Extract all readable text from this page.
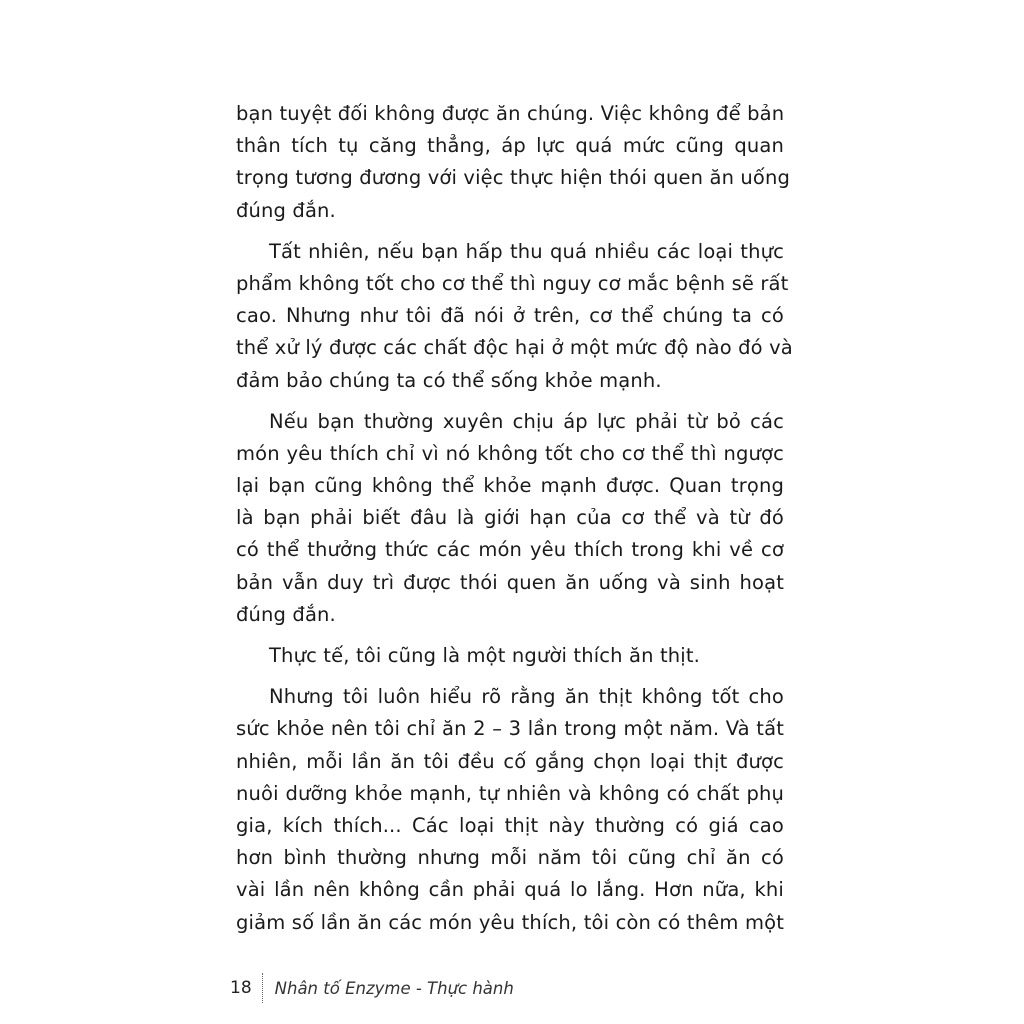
bạn tuyệt đối không được ăn chúng. Việc không để bản
thân tích tụ căng thẳng, áp lực quá mức cũng quan
trọng tương đương với việc thực hiện thói quen ăn uống
đúng đắn.

Tất nhiên, nếu bạn hấp thu quá nhiều các loại thực
phẩm không tốt cho cơ thể thì nguy cơ mắc bệnh sẽ rất
cao. Nhưng như tôi đã nói ở trên, cơ thể chúng ta có
thể xử lý được các chất độc hại ở một mức độ nào đó và
đảm bảo chúng ta có thể sống khỏe mạnh.

Nếu bạn thường xuyên chịu áp lực phải từ bỏ các
món yêu thích chỉ vì nó không tốt cho cơ thể thì ngược
lại bạn cũng không thể khỏe mạnh được. Quan trọng
là bạn phải biết đâu là giới hạn của cơ thể và từ đó
có thể thưởng thức các món yêu thích trong khi về cơ
bản vẫn duy trì được thói quen ăn uống và sinh hoạt
đúng đắn.

Thực tế, tôi cũng là một người thích ăn thịt.

Nhưng tôi luôn hiểu rõ rằng ăn thịt không tốt cho
sức khỏe nên tôi chỉ ăn 2 – 3 lần trong một năm. Và tất
nhiên, mỗi lần ăn tôi đều cố gắng chọn loại thịt được
nuôi dưỡng khỏe mạnh, tự nhiên và không có chất phụ
gia, kích thích... Các loại thịt này thường có giá cao
hơn bình thường nhưng mỗi năm tôi cũng chỉ ăn có
vài lần nên không cần phải quá lo lắng. Hơn nữa, khi
giảm số lần ăn các món yêu thích, tôi còn có thêm một

18 Nhân tố Enzyme - Thực hành
